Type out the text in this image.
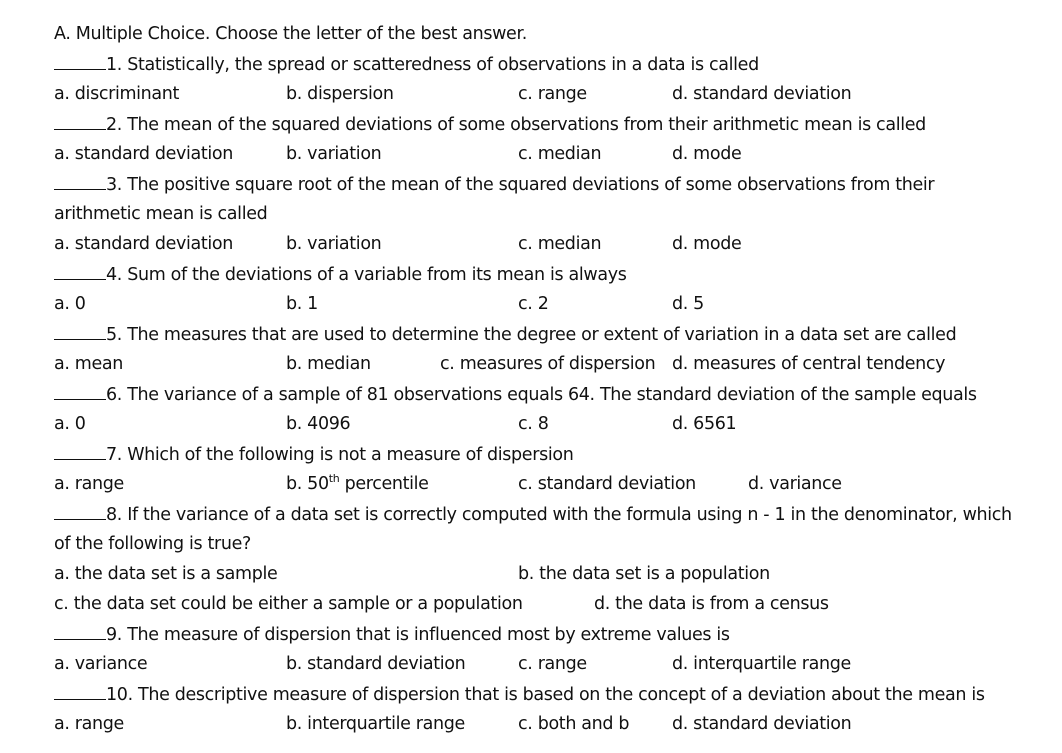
A. Multiple Choice. Choose the letter of the best answer.
1. Statistically, the spread or scatteredness of observations in a data is called
a. discriminant	b. dispersion	c. range	d. standard deviation
2. The mean of the squared deviations of some observations from their arithmetic mean is called
a. standard deviation	b. variation	c. median	d. mode
3. The positive square root of the mean of the squared deviations of some observations from their
arithmetic mean is called
a. standard deviation	b. variation	c. median	d. mode
4. Sum of the deviations of a variable from its mean is always
a. 0	b. 1	c. 2	d. 5
5. The measures that are used to determine the degree or extent of variation in a data set are called
a. mean	b. median	c. measures of dispersion d. measures of central tendency
6. The variance of a sample of 81 observations equals 64. The standard deviation of the sample equals
a. 0	b. 4096	c. 8	d. 6561
7. Which of the following is not a measure of dispersion
a. range	b. 50th percentile	c. standard deviation	d. variance
8. If the variance of a data set is correctly computed with the formula using n - 1 in the denominator, which
of the following is true?
a. the data set is a sample	b. the data set is a population
c. the data set could be either a sample or a population	d. the data is from a census
9. The measure of dispersion that is influenced most by extreme values is
a. variance	b. standard deviation	c. range	d. interquartile range
10. The descriptive measure of dispersion that is based on the concept of a deviation about the mean is
a. range	b. interquartile range	c. both and b d. standard deviation
